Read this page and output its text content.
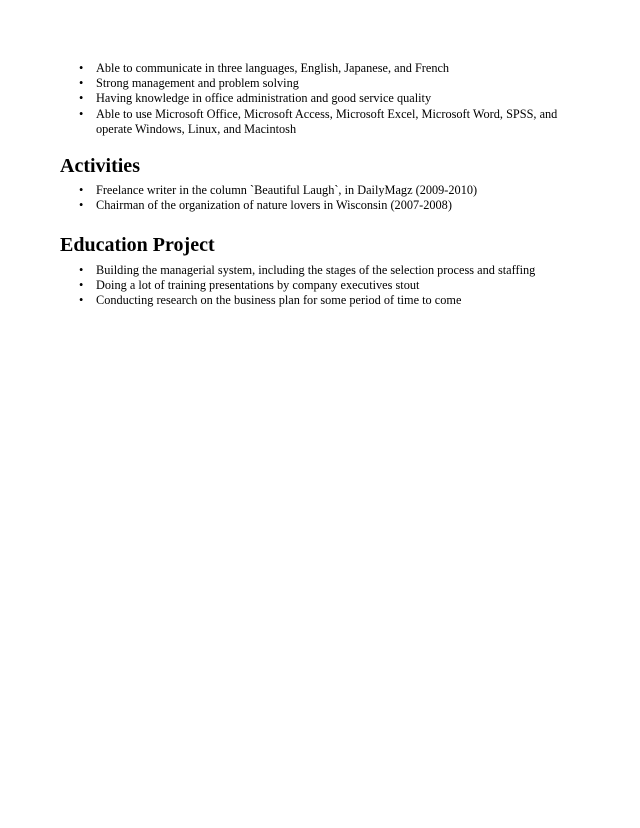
• Able to communicate in three languages, English, Japanese, and French
• Strong management and problem solving
• Having knowledge in office administration and good service quality
• Able to use Microsoft Office, Microsoft Access, Microsoft Excel, Microsoft Word, SPSS, and operate Windows, Linux, and Macintosh
Activities
• Freelance writer in the column `Beautiful Laugh`, in DailyMagz (2009-2010)
• Chairman of the organization of nature lovers in Wisconsin (2007-2008)
Education Project
• Building the managerial system, including the stages of the selection process and staffing
• Doing a lot of training presentations by company executives stout
• Conducting research on the business plan for some period of time to come
